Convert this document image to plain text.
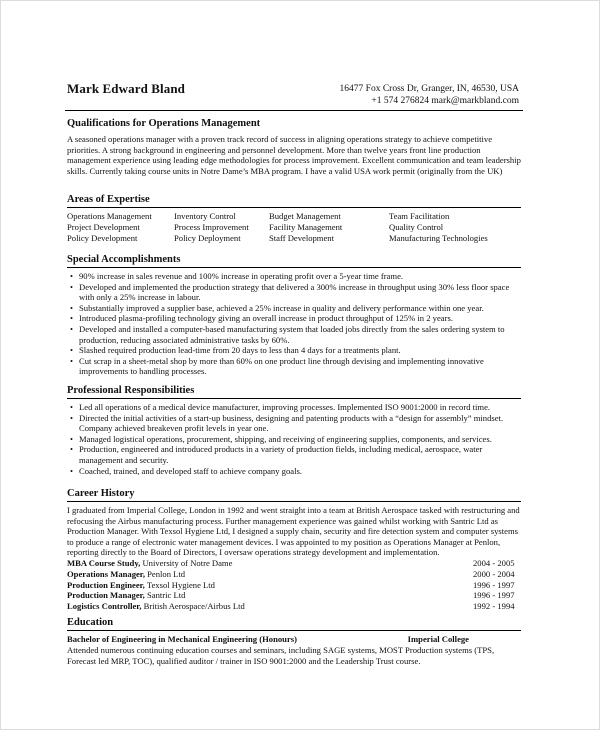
Mark Edward Bland	16477 Fox Cross Dr, Granger, IN, 46530, USA
+1 574 276824 mark@markbland.com
Qualifications for Operations Management
A seasoned operations manager with a proven track record of success in aligning operations strategy to achieve competitive priorities. A strong background in engineering and personnel development. More than twelve years front line production management experience using leading edge methodologies for process improvement. Excellent communication and team leadership skills. Currently taking course units in Notre Dame’s MBA program. I have a valid USA work permit (originally from the UK)
Areas of Expertise
Operations Management	Inventory Control	Budget Management	Team Facilitation
Project Development	Process Improvement	Facility Management	Quality Control
Policy Development	Policy Deployment	Staff Development	Manufacturing Technologies
Special Accomplishments
• 90% increase in sales revenue and 100% increase in operating profit over a 5-year time frame.
• Developed and implemented the production strategy that delivered a 300% increase in throughput using 30% less floor space with only a 25% increase in labour.
• Substantially improved a supplier base, achieved a 25% increase in quality and delivery performance within one year.
• Introduced plasma-profiling technology giving an overall increase in product throughput of 125% in 2 years.
• Developed and installed a computer-based manufacturing system that loaded jobs directly from the sales ordering system to production, reducing associated administrative tasks by 60%.
• Slashed required production lead-time from 20 days to less than 4 days for a treatments plant.
• Cut scrap in a sheet-metal shop by more than 60% on one product line through devising and implementing innovative improvements to handling processes.
Professional Responsibilities
• Led all operations of a medical device manufacturer, improving processes. Implemented ISO 9001:2000 in record time.
• Directed the initial activities of a start-up business, designing and patenting products with a “design for assembly” mindset. Company achieved breakeven profit levels in year one.
• Managed logistical operations, procurement, shipping, and receiving of engineering supplies, components, and services.
• Production, engineered and introduced products in a variety of production fields, including medical, aerospace, water management and security.
• Coached, trained, and developed staff to achieve company goals.
Career History
I graduated from Imperial College, London in 1992 and went straight into a team at British Aerospace tasked with restructuring and refocusing the Airbus manufacturing process. Further management experience was gained whilst working with Santric Ltd as Production Manager. With Texsol Hygiene Ltd, I designed a supply chain, security and fire detection system and computer systems to produce a range of electronic water management devices. I was appointed to my position as Operations Manager at Penlon, reporting directly to the Board of Directors, I oversaw operations strategy development and implementation.
MBA Course Study, University of Notre Dame	2004 - 2005
Operations Manager, Penlon Ltd	2000 - 2004
Production Engineer, Texsol Hygiene Ltd	1996 - 1997
Production Manager, Santric Ltd	1996 - 1997
Logistics Controller, British Aerospace/Airbus Ltd	1992 - 1994
Education
Bachelor of Engineering in Mechanical Engineering (Honours)	Imperial College
Attended numerous continuing education courses and seminars, including SAGE systems, MOST Production systems (TPS, Forecast led MRP, TOC), qualified auditor / trainer in ISO 9001:2000 and the Leadership Trust course.
